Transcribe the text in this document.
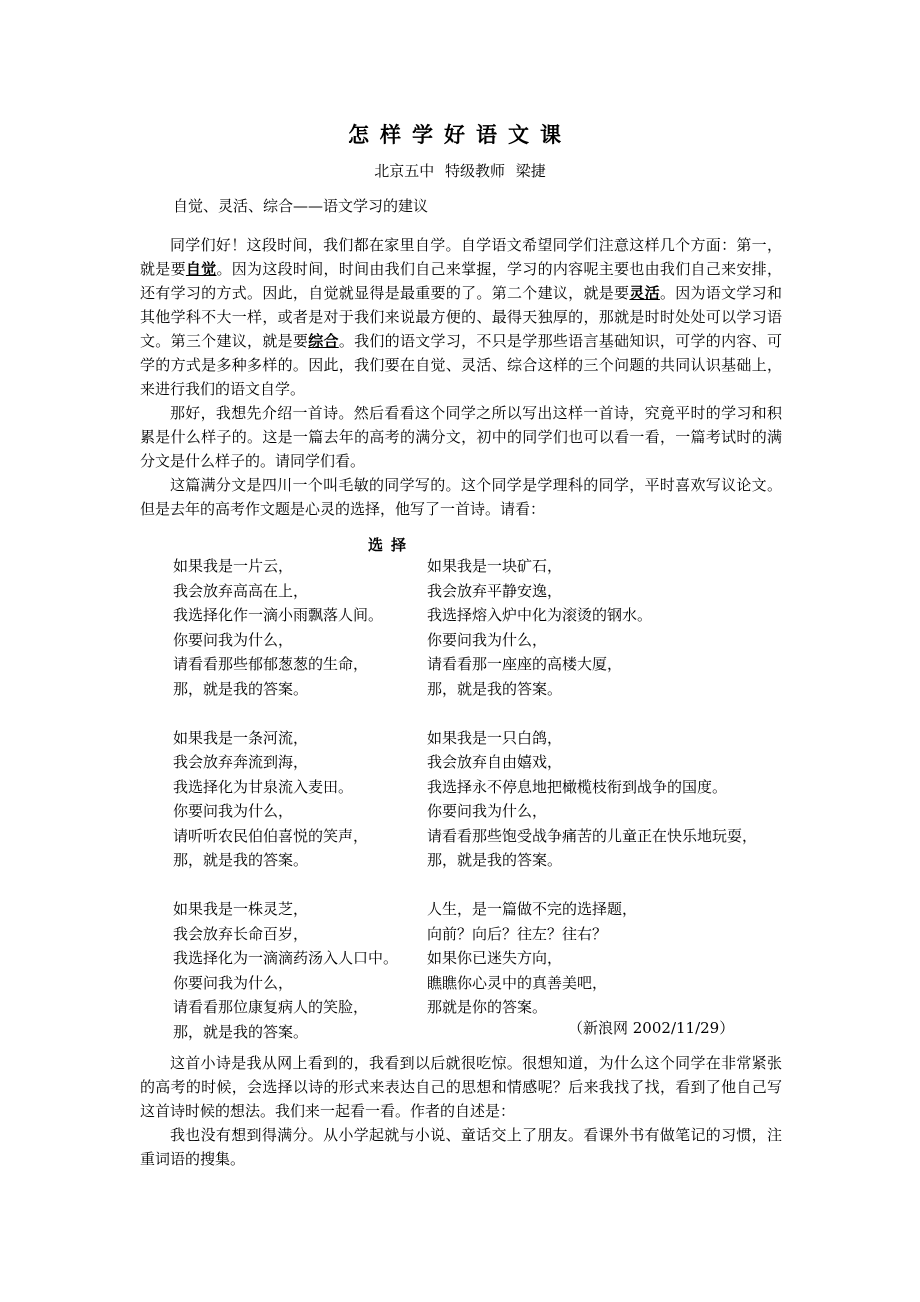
怎样学好语文课
北京五中 特级教师 梁捷
自觉、灵活、综合——语文学习的建议

同学们好！这段时间，我们都在家里自学。自学语文希望同学们注意这样几个方面：第一，就是要自觉。因为这段时间，时间由我们自己来掌握，学习的内容呢主要也由我们自己来安排，还有学习的方式。因此，自觉就显得是最重要的了。第二个建议，就是要灵活。因为语文学习和其他学科不大一样，或者是对于我们来说最方便的、最得天独厚的，那就是时时处处可以学习语文。第三个建议，就是要综合。我们的语文学习，不只是学那些语言基础知识，可学的内容、可学的方式是多种多样的。因此，我们要在自觉、灵活、综合这样的三个问题的共同认识基础上，来进行我们的语文自学。

那好，我想先介绍一首诗。然后看看这个同学之所以写出这样一首诗，究竟平时的学习和积累是什么样子的。这是一篇去年的高考的满分文，初中的同学们也可以看一看，一篇考试时的满分文是什么样子的。请同学们看。

这篇满分文是四川一个叫毛敏的同学写的。这个同学是学理科的同学，平时喜欢写议论文。但是去年的高考作文题是心灵的选择，他写了一首诗。请看：

选择
如果我是一片云，
我会放弃高高在上，
我选择化作一滴小雨飘落人间。
你要问我为什么，
请看看那些郁郁葱葱的生命，
那，就是我的答案。
如果我是一条河流，
我会放弃奔流到海，
我选择化为甘泉流入麦田。
你要问我为什么，
请听听农民伯伯喜悦的笑声，
那，就是我的答案。
如果我是一株灵芝，
我会放弃长命百岁，
我选择化为一滴滴药汤入人口中。
你要问我为什么，
请看看那位康复病人的笑脸，
那，就是我的答案。
如果我是一块矿石，
我会放弃平静安逸，
我选择熔入炉中化为滚烫的钢水。
你要问我为什么，
请看看那一座座的高楼大厦，
那，就是我的答案。
如果我是一只白鸽，
我会放弃自由嬉戏，
我选择永不停息地把橄榄枝衔到战争的国度。
你要问我为什么，
请看看那些饱受战争痛苦的儿童正在快乐地玩耍，
那，就是我的答案。
人生，是一篇做不完的选择题，
向前？向后？往左？往右？
如果你已迷失方向，
瞧瞧你心灵中的真善美吧，
那就是你的答案。
（新浪网 2002/11/29）

这首小诗是我从网上看到的，我看到以后就很吃惊。很想知道，为什么这个同学在非常紧张的高考的时候，会选择以诗的形式来表达自己的思想和情感呢？后来我找了找，看到了他自己写这首诗时候的想法。我们来一起看一看。作者的自述是：

我也没有想到得满分。从小学起就与小说、童话交上了朋友。看课外书有做笔记的习惯，注重词语的搜集。
